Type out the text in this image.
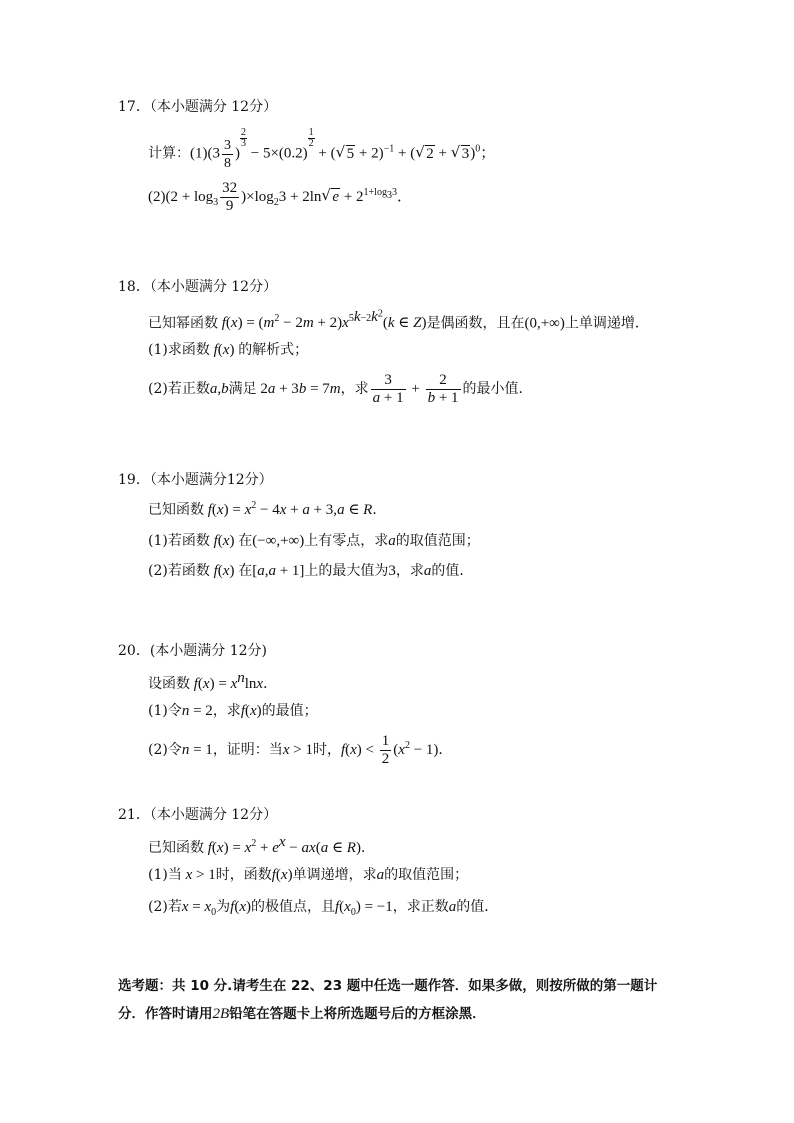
17．（本小题满分 12分）
计算：$(1)(3 \frac{3}{8}$ )
$\frac{2}{3}$
− 5×(0.2)
$\frac{1}{2}$
+ (√ 5 + 2)$^{-1}$ + (√ 2 + √ 3)$^0$；
$(2)(2 + \log_3 \frac{32}{9} )\times\log_23 + 2\ln√$ $e + 2^{1+log_33}$．
18．（本小题满分 12分）
已知幂函数 $f(x) = (m^2 - 2m + 2)x^{5k-2k^2}(k$ ∈ Z)是偶函数，且在(0,+∞)上单调递增．
(1)求函数 f(x) 的解析式；
(2)若正数a,b满足 2a + 3b = 7m，求 $\frac{3}{a + 1} + \frac{2}{b + 1}$ 的最小值．
19．（本小题满分12分）
已知函数 $f(x) = x^2 - 4x + a + 3,a$ ∈ R．
(1)若函数 f(x) 在(−∞,+∞)上有零点，求a的取值范围；
(2)若函数 f(x) 在[a,a + 1]上的最大值为3，求a的值．
20．(本小题满分 12分)
设函数 $f(x) = x^n\ln x$．
(1)令n = 2，求f(x)的最值；
(2)令n = 1，证明：当x > 1时，$f(x) < \frac{1}{2} (x^2 - 1)$．
21．（本小题满分 12分）
已知函数 $f(x) = x^2 + e^x - ax(a$ ∈ R)．
(1)当 x > 1时，函数f(x)单调递增，求a的取值范围；
(2)若$x = x_0$为f(x)的极值点，且$f(x_0) = -1$，求正数a的值．
选考题：共 10 分.请考生在 22、23 题中任选一题作答．如果多做，则按所做的第一题计
分．作答时请用2B铅笔在答题卡上将所选题号后的方框涂黑．
